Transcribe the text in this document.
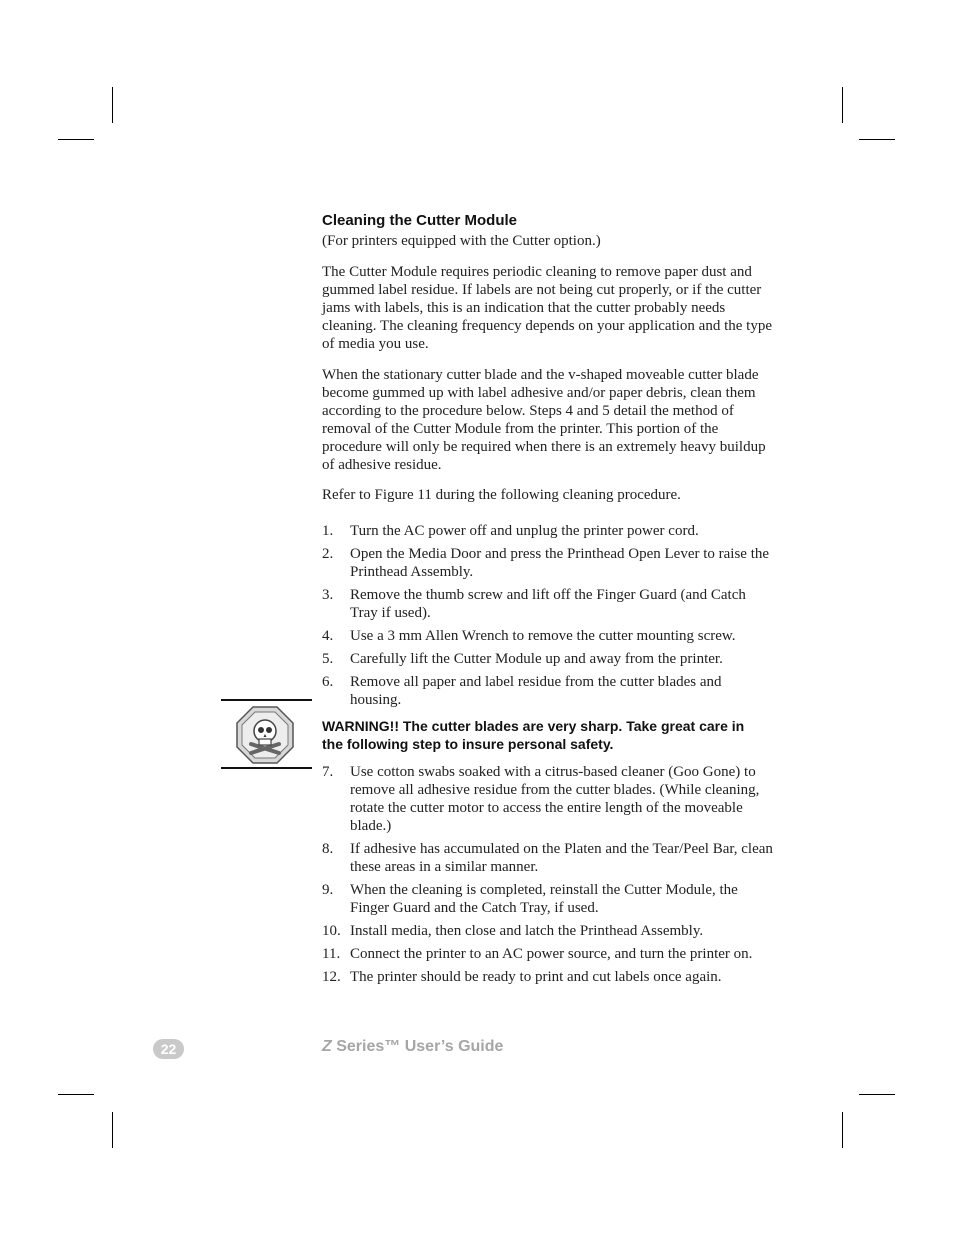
Cleaning the Cutter Module
(For printers equipped with the Cutter option.)

The Cutter Module requires periodic cleaning to remove paper dust and gummed label residue. If labels are not being cut properly, or if the cutter jams with labels, this is an indication that the cutter probably needs cleaning. The cleaning frequency depends on your application and the type of media you use.

When the stationary cutter blade and the v-shaped moveable cutter blade become gummed up with label adhesive and/or paper debris, clean them according to the procedure below. Steps 4 and 5 detail the method of removal of the Cutter Module from the printer. This portion of the procedure will only be required when there is an extremely heavy buildup of adhesive residue.

Refer to Figure 11 during the following cleaning procedure.

1. Turn the AC power off and unplug the printer power cord.
2. Open the Media Door and press the Printhead Open Lever to raise the Printhead Assembly.
3. Remove the thumb screw and lift off the Finger Guard (and Catch Tray if used).
4. Use a 3 mm Allen Wrench to remove the cutter mounting screw.
5. Carefully lift the Cutter Module up and away from the printer.
6. Remove all paper and label residue from the cutter blades and housing.
WARNING!! The cutter blades are very sharp. Take great care in the following step to insure personal safety.
7. Use cotton swabs soaked with a citrus-based cleaner (Goo Gone) to remove all adhesive residue from the cutter blades. (While cleaning, rotate the cutter motor to access the entire length of the moveable blade.)
8. If adhesive has accumulated on the Platen and the Tear/Peel Bar, clean these areas in a similar manner.
9. When the cleaning is completed, reinstall the Cutter Module, the Finger Guard and the Catch Tray, if used.
10. Install media, then close and latch the Printhead Assembly.
11. Connect the printer to an AC power source, and turn the printer on.
12. The printer should be ready to print and cut labels once again.
22	Z Series™ User’s Guide
